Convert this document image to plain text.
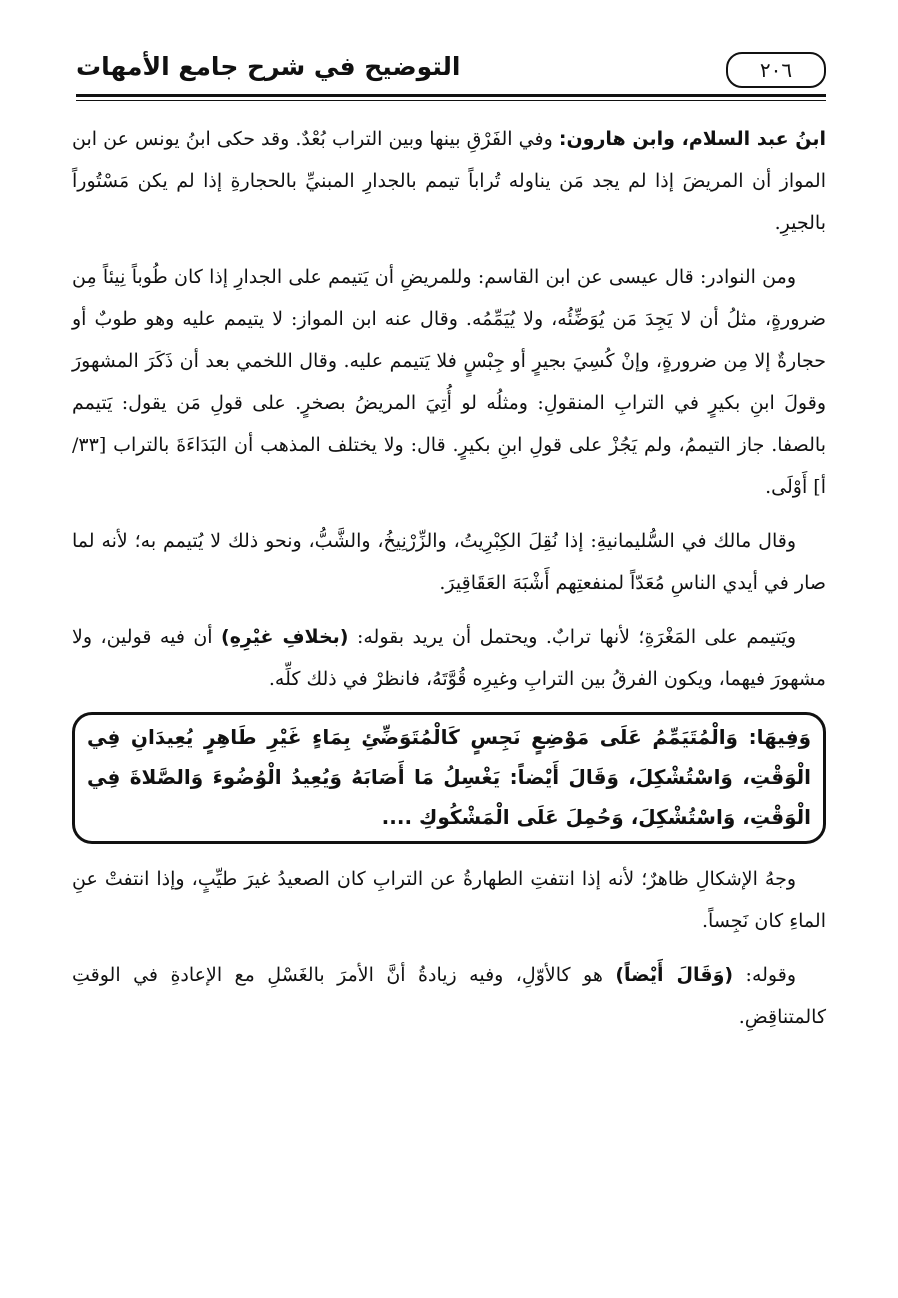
التوضيح في شرح جامع الأمهات	٢٠٦

ابنُ عبد السلام، وابن هارون: وفي الفَرْقِ بينها وبين التراب بُعْدٌ. وقد حكى ابنُ يونس عن ابن المواز أن المريضَ إذا لم يجد مَن يناوله تُراباً تيمم بالجدارِ المبنيِّ بالحجارةِ إذا لم يكن مَسْتُوراً بالجيرِ.

ومن النوادر: قال عيسى عن ابن القاسم: وللمريضِ أن يَتيمم على الجدارِ إذا كان طُوباً نِيئاً مِن ضرورةٍ، مثلُ أن لا يَجِدَ مَن يُوَضِّئُه، ولا يُيَمِّمُه. وقال عنه ابن المواز: لا يتيمم عليه وهو طوبٌ أو حجارةٌ إلا مِن ضرورةٍ، وإنْ كُسِيَ بجيرٍ أو جِبْسٍ فلا يَتيمم عليه. وقال اللخمي بعد أن ذَكَرَ المشهورَ وقولَ ابنِ بكيرٍ في الترابِ المنقولِ: ومثلُه لو أُتِيَ المريضُ بصخرٍ. على قولِ مَن يقول: يَتيمم بالصفا. جاز التيممُ، ولم يَجُزْ على قولِ ابنِ بكيرٍ. قال: ولا يختلف المذهب أن البَدَاءَةَ بالتراب [٣٣/ أ] أَوْلَى.

وقال مالك في السُّليمانيةِ: إذا نُقِلَ الكِبْرِيتُ، والزِّرْنِيخُ، والشَّبُّ، ونحو ذلك لا يُتيمم به؛ لأنه لما صار في أيدي الناسِ مُعَدّاً لمنفعتِهم أَشْبَهَ العَقَاقِيرَ.

ويَتيمم على المَغْرَةِ؛ لأنها ترابٌ. ويحتمل أن يريد بقوله: (بخلافِ غيْرِهِ) أن فيه قولين، ولا مشهورَ فيهما، ويكون الفرقُ بين الترابِ وغيرِه قُوَّتَهُ، فانظرْ في ذلك كلِّه.

وَفِيهَا: وَالْمُتَيَمِّمُ عَلَى مَوْضِعٍ نَجِسٍ كَالْمُتَوَضِّئِ بِمَاءٍ غَيْرِ طَاهِرٍ يُعِيدَانِ فِي الْوَقْتِ، وَاسْتُشْكِلَ، وَقَالَ أَيْضاً: يَغْسِلُ مَا أَصَابَهُ وَيُعِيدُ الْوُضُوءَ وَالصَّلاةَ فِي الْوَقْتِ، وَاسْتُشْكِلَ، وَحُمِلَ عَلَى الْمَشْكُوكِ ....

وجهُ الإشكالِ ظاهرٌ؛ لأنه إذا انتفتِ الطهارةُ عن الترابِ كان الصعيدُ غيرَ طيِّبٍ، وإذا انتفتْ عنِ الماءِ كان نَجِساً.

وقوله: (وَقَالَ أَيْضاً) هو كالأوّلِ، وفيه زيادةُ أنَّ الأمرَ بالغَسْلِ مع الإعادةِ في الوقتِ كالمتناقِضِ.
